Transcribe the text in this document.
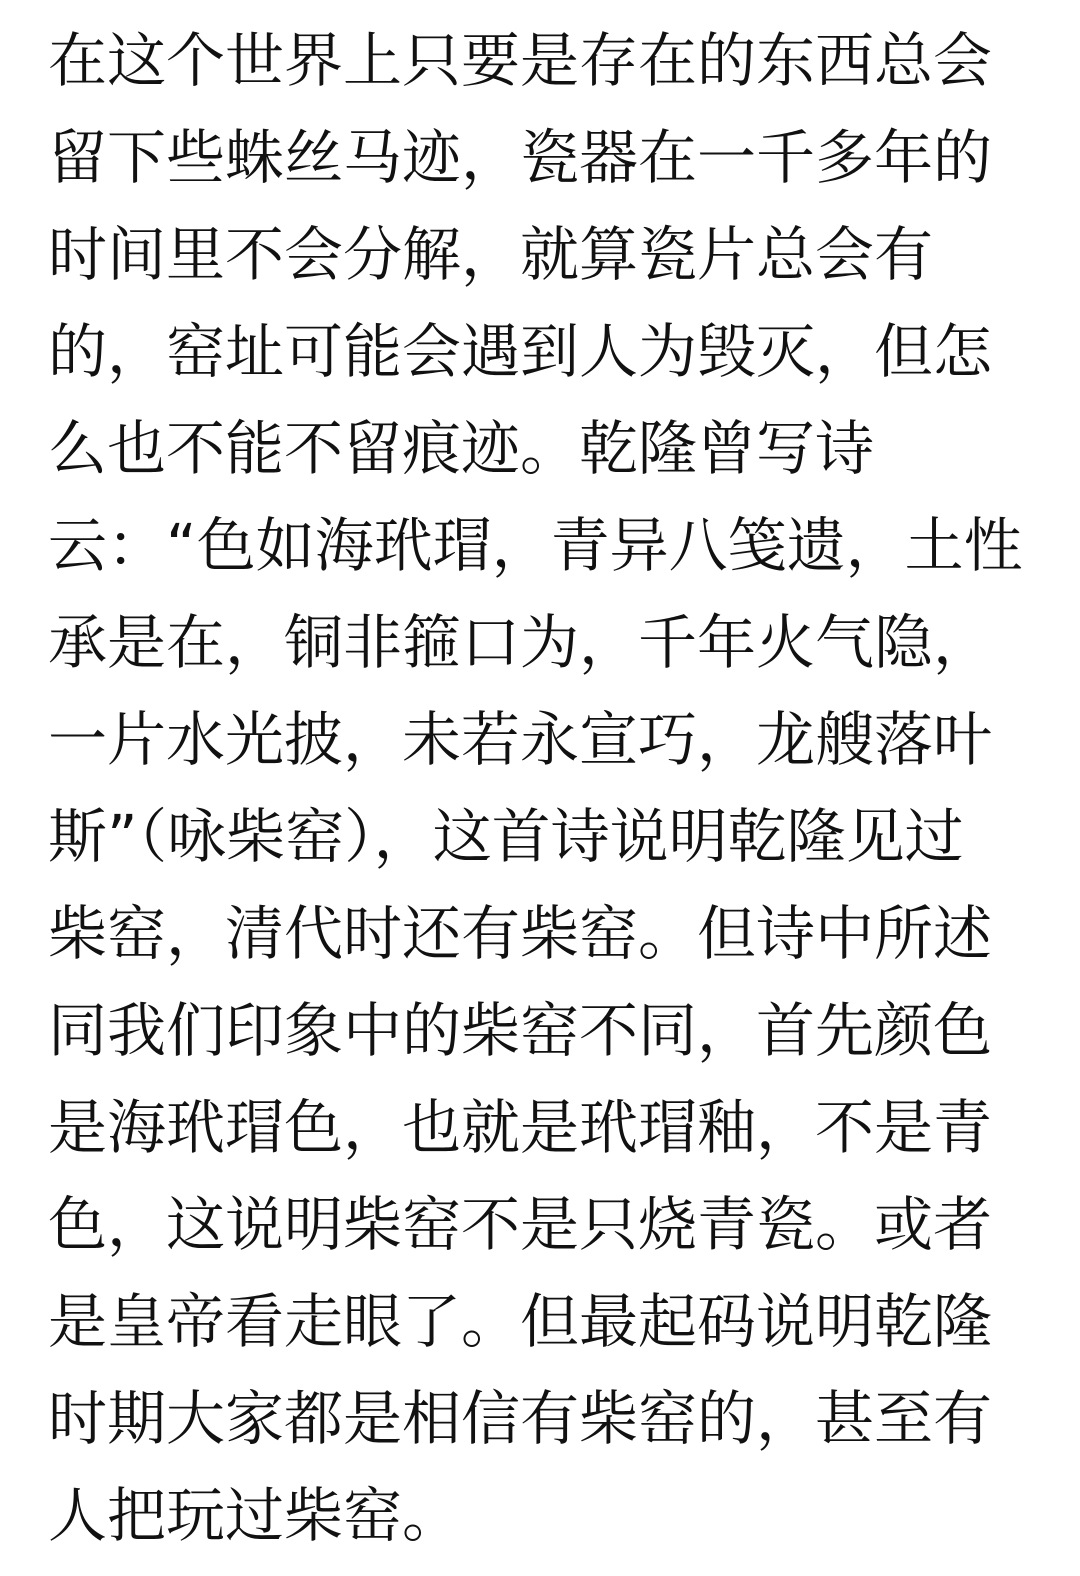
在这个世界上只要是存在的东西总会
留下些蛛丝马迹，瓷器在一千多年的
时间里不会分解，就算瓷片总会有
的，窑址可能会遇到人为毁灭，但怎
么也不能不留痕迹。乾隆曾写诗
云：“色如海玳瑁，青异八笺遗，土性
承是在，铜非箍口为，千年火气隐，
一片水光披，未若永宣巧，龙艘落叶
斯”（咏柴窑），这首诗说明乾隆见过
柴窑，清代时还有柴窑。但诗中所述
同我们印象中的柴窑不同，首先颜色
是海玳瑁色，也就是玳瑁釉，不是青
色，这说明柴窑不是只烧青瓷。或者
是皇帝看走眼了。但最起码说明乾隆
时期大家都是相信有柴窑的，甚至有
人把玩过柴窑。
